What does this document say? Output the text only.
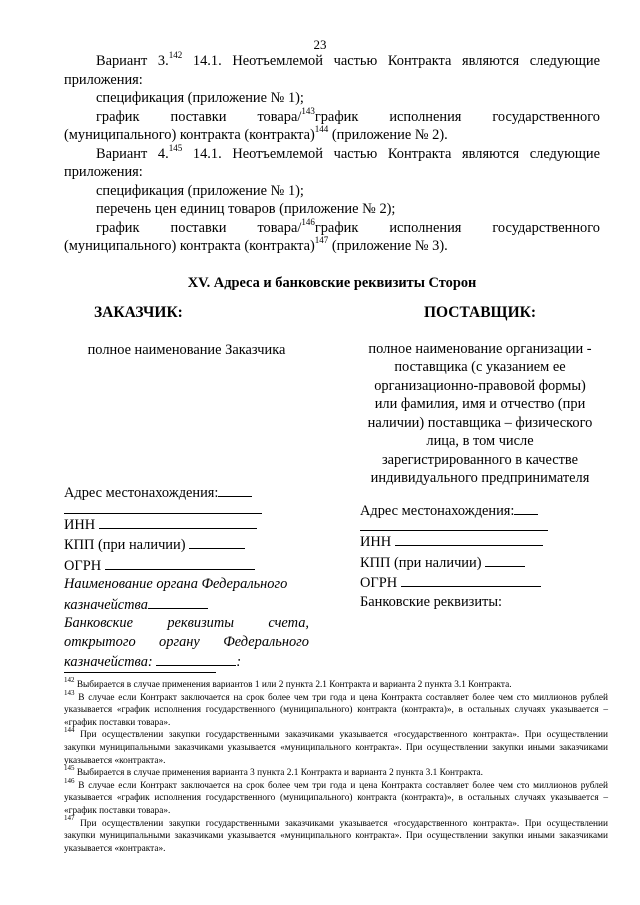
23
Вариант 3.$^{142}$ 14.1. Неотъемлемой частью Контракта являются следующие
приложения:
спецификация (приложение № 1);
график поставки товара/$^{143}$график исполнения государственного
(муниципального) контракта (контракта)$^{144}$ (приложение № 2).
Вариант 4.$^{145}$ 14.1. Неотъемлемой частью Контракта являются следующие
приложения:
спецификация (приложение № 1);
перечень цен единиц товаров (приложение № 2);
график поставки товара/$^{146}$график исполнения государственного
(муниципального) контракта (контракта)$^{147}$ (приложение № 3).
XV. Адреса и банковские реквизиты Сторон
ЗАКАЗЧИК:
полное наименование Заказчика
Адрес местонахождения:
ИНН
КПП (при наличии)
ОГРН
Наименование органа Федерального
казначейства
Банковские реквизиты счета,
открытого органу Федерального
казначейства:	:
ПОСТАВЩИК:
полное наименование организации -
поставщика (с указанием ее
организационно-правовой формы)
или фамилия, имя и отчество (при
наличии) поставщика – физического
лица, в том числе
зарегистрированного в качестве
индивидуального предпринимателя
Адрес местонахождения:
ИНН
КПП (при наличии)
ОГРН
Банковские реквизиты:
$^{142}$ Выбирается в случае применения вариантов 1 или 2 пункта 2.1 Контракта и варианта 2 пункта 3.1 Контракта.
$^{143}$ В случае если Контракт заключается на срок более чем три года и цена Контракта составляет более чем сто миллионов рублей указывается «график исполнения государственного (муниципального) контракта (контракта)», в остальных случаях указывается – «график поставки товара».
$^{144}$ При осуществлении закупки государственными заказчиками указывается «государственного контракта». При осуществлении закупки муниципальными заказчиками указывается «муниципального контракта». При осуществлении закупки иными заказчиками указывается «контракта».
$^{145}$ Выбирается в случае применения варианта 3 пункта 2.1 Контракта и варианта 2 пункта 3.1 Контракта.
$^{146}$ В случае если Контракт заключается на срок более чем три года и цена Контракта составляет более чем сто миллионов рублей указывается «график исполнения государственного (муниципального) контракта (контракта)», в остальных случаях указывается – «график поставки товара».
$^{147}$ При осуществлении закупки государственными заказчиками указывается «государственного контракта». При осуществлении закупки муниципальными заказчиками указывается «муниципального контракта». При осуществлении закупки иными заказчиками указывается «контракта».
